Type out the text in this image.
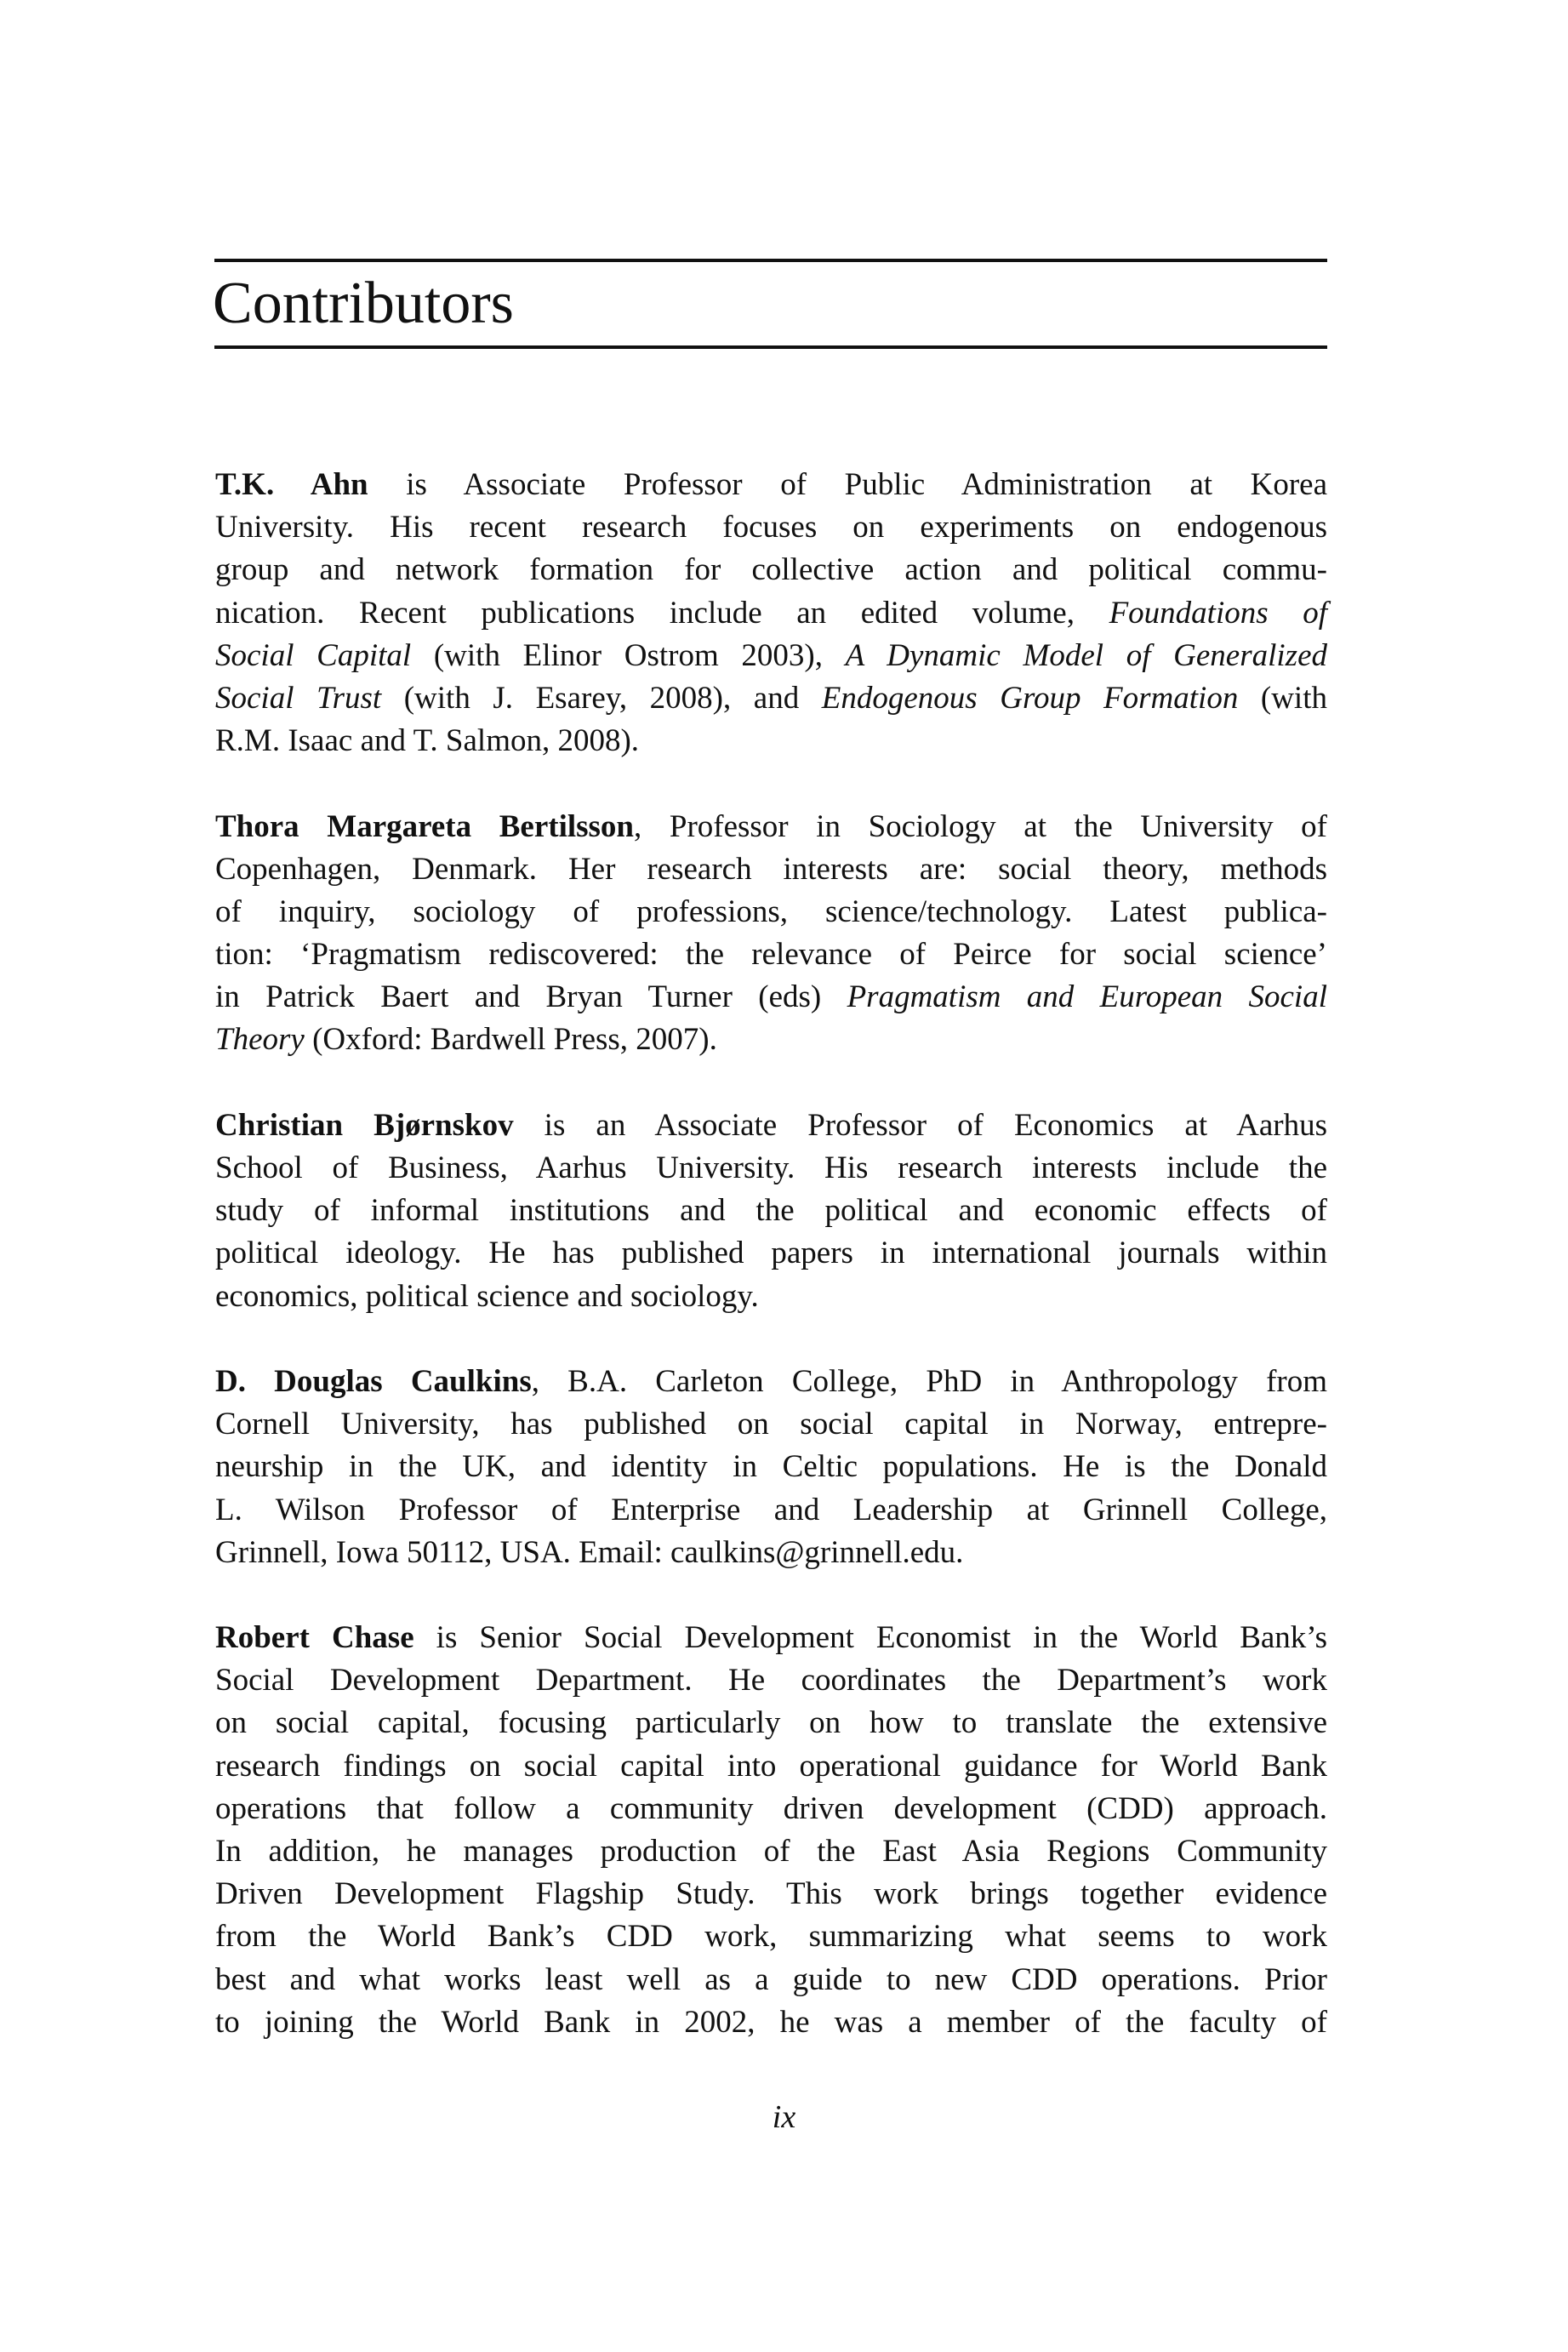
Contributors
T.K. Ahn is Associate Professor of Public Administration at Korea
University. His recent research focuses on experiments on endogenous
group and network formation for collective action and political commu-
nication. Recent publications include an edited volume, Foundations of
Social Capital (with Elinor Ostrom 2003), A Dynamic Model of Generalized
Social Trust (with J. Esarey, 2008), and Endogenous Group Formation (with
R.M. Isaac and T. Salmon, 2008).
Thora Margareta Bertilsson, Professor in Sociology at the University of
Copenhagen, Denmark. Her research interests are: social theory, methods
of inquiry, sociology of professions, science/technology. Latest publica-
tion: ‘Pragmatism rediscovered: the relevance of Peirce for social science’
in Patrick Baert and Bryan Turner (eds) Pragmatism and European Social
Theory (Oxford: Bardwell Press, 2007).
Christian Bjørnskov is an Associate Professor of Economics at Aarhus
School of Business, Aarhus University. His research interests include the
study of informal institutions and the political and economic effects of
political ideology. He has published papers in international journals within
economics, political science and sociology.
D. Douglas Caulkins, B.A. Carleton College, PhD in Anthropology from
Cornell University, has published on social capital in Norway, entrepre-
neurship in the UK, and identity in Celtic populations. He is the Donald
L. Wilson Professor of Enterprise and Leadership at Grinnell College,
Grinnell, Iowa 50112, USA. Email: caulkins@grinnell.edu.
Robert Chase is Senior Social Development Economist in the World Bank’s
Social Development Department. He coordinates the Department’s work
on social capital, focusing particularly on how to translate the extensive
research findings on social capital into operational guidance for World Bank
operations that follow a community driven development (CDD) approach.
In addition, he manages production of the East Asia Regions Community
Driven Development Flagship Study. This work brings together evidence
from the World Bank’s CDD work, summarizing what seems to work
best and what works least well as a guide to new CDD operations. Prior
to joining the World Bank in 2002, he was a member of the faculty of
ix
